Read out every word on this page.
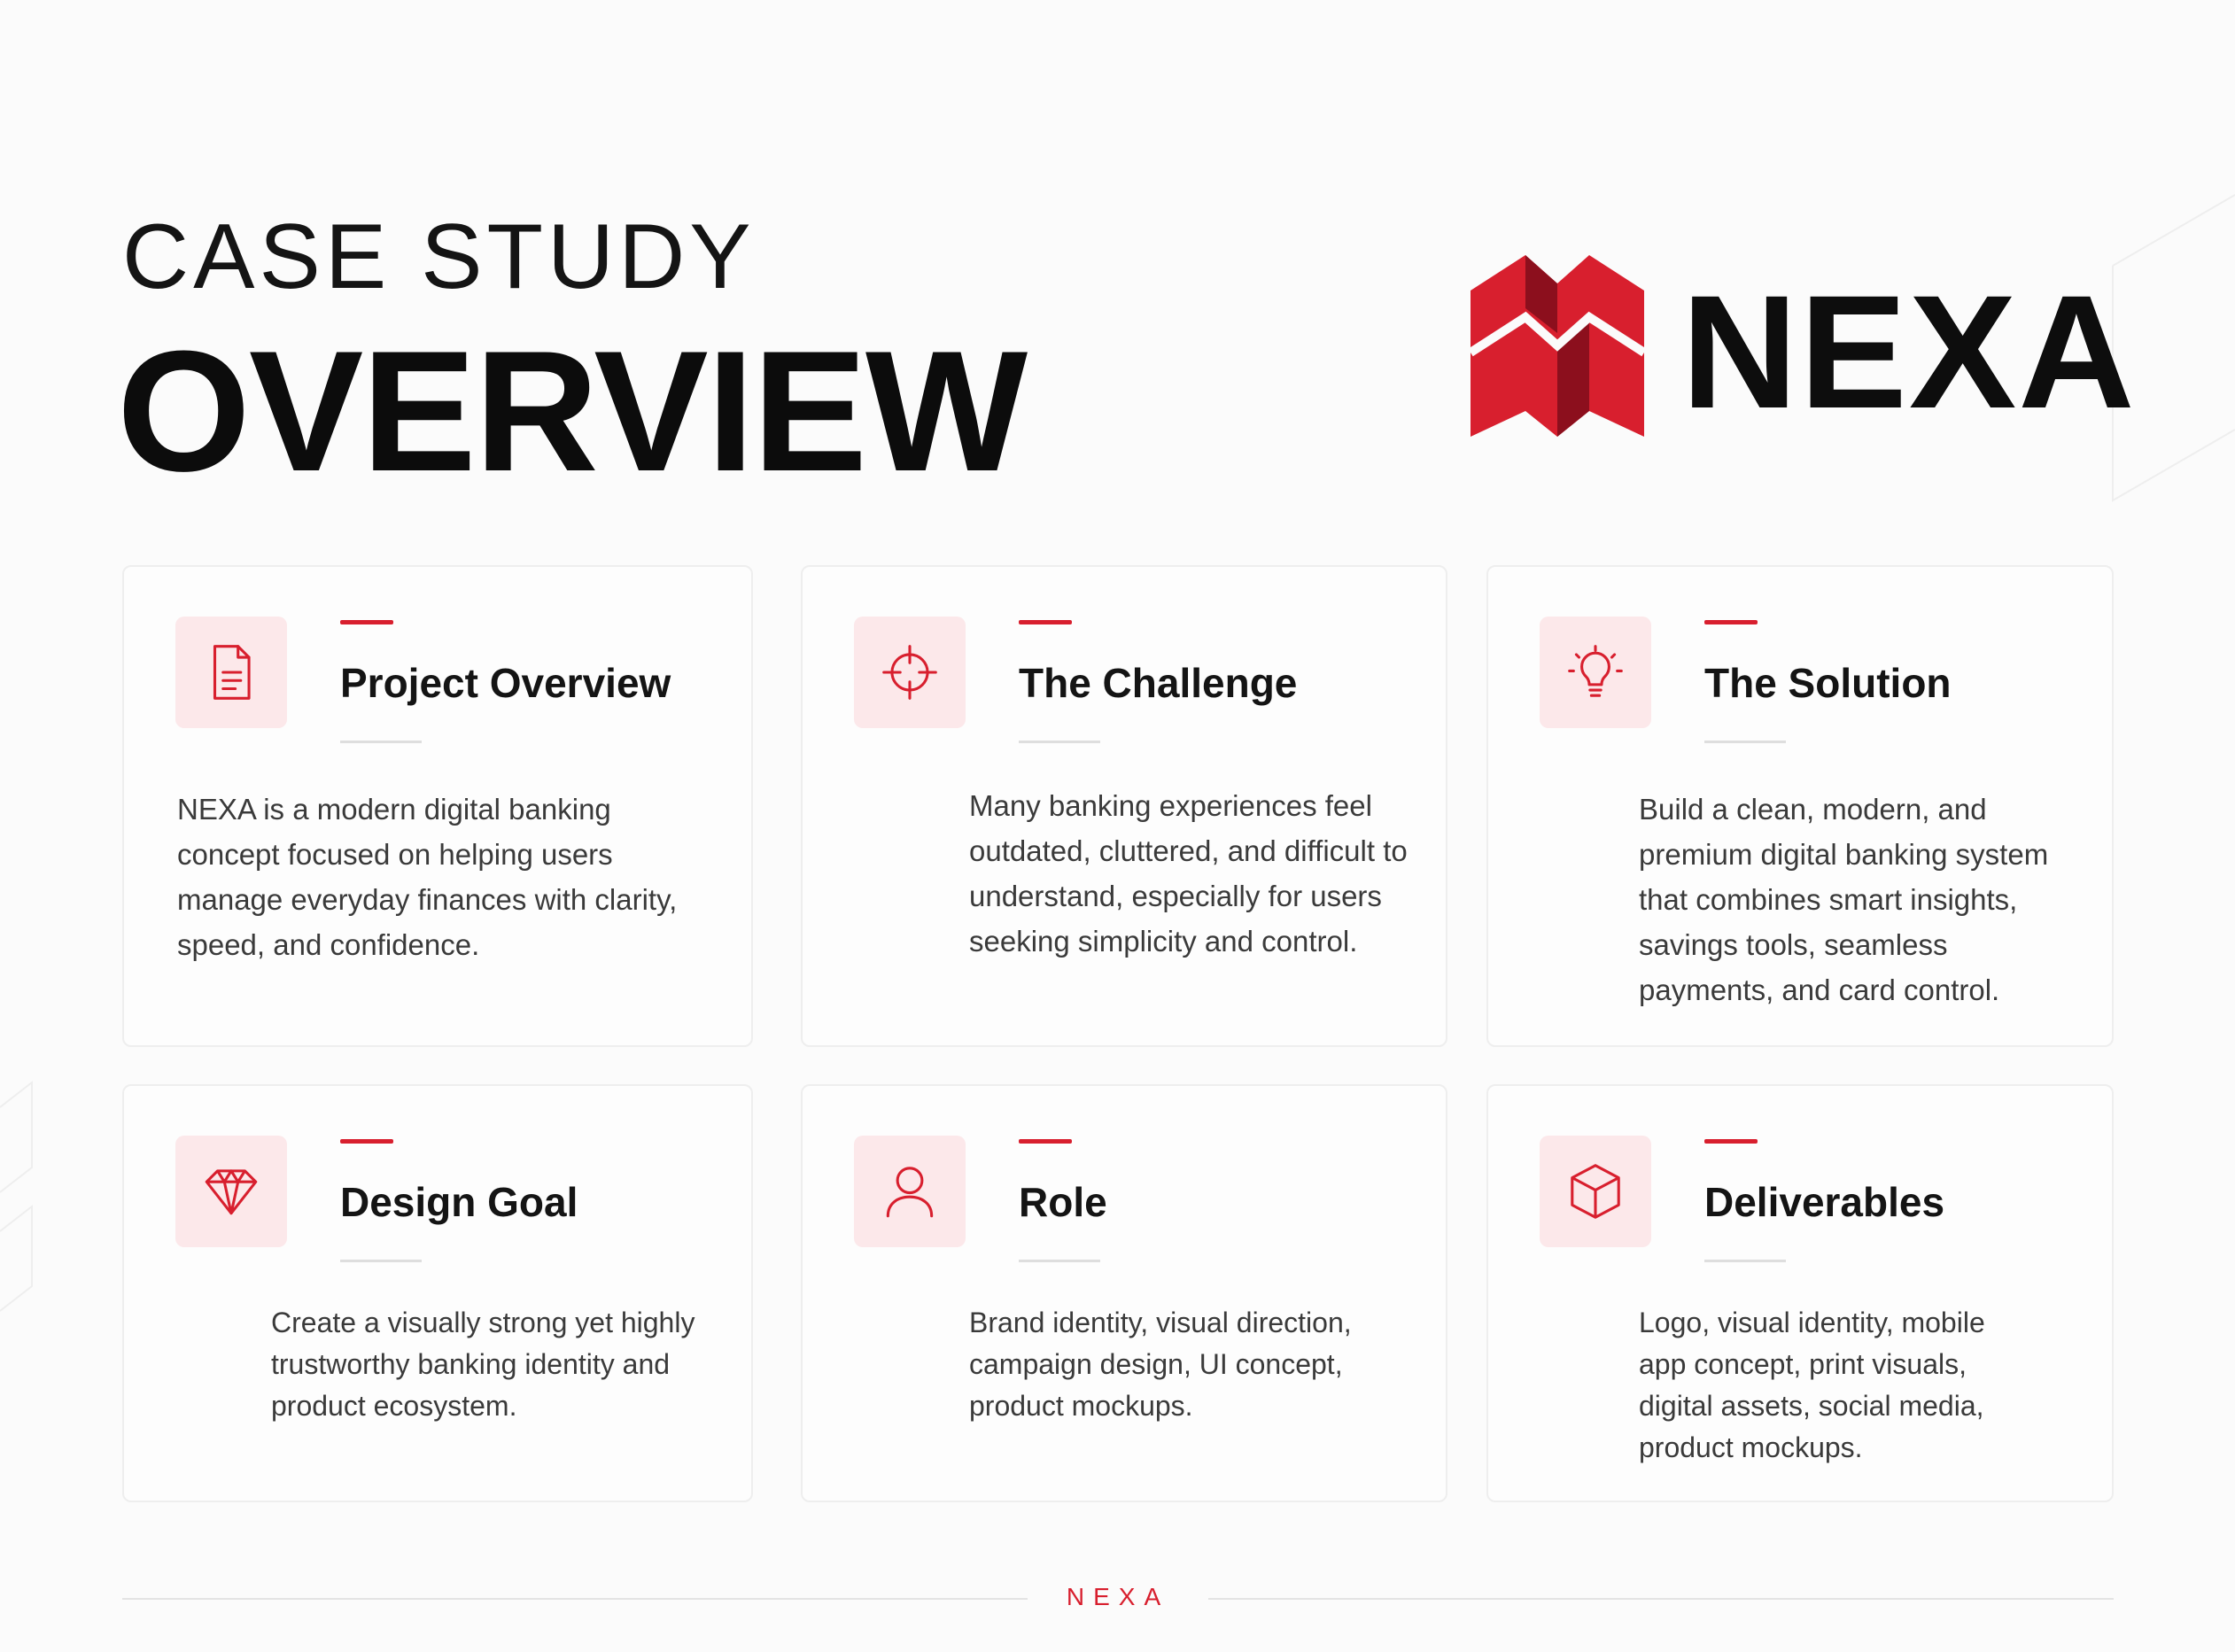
CASE STUDY
OVERVIEW	NEXA
Project Overview

NEXA is a modern digital banking concept focused on helping users manage everyday finances with clarity, speed, and confidence.

The Challenge

Many banking experiences feel outdated, cluttered, and difficult to understand, especially for users seeking simplicity and control.

The Solution

Build a clean, modern, and premium digital banking system that combines smart insights, savings tools, seamless payments, and card control.

Design Goal

Create a visually strong yet highly trustworthy banking identity and product ecosystem.

Role

Brand identity, visual direction, campaign design, UI concept, product mockups.

Deliverables

Logo, visual identity, mobile app concept, print visuals, digital assets, social media, product mockups.

NEXA
